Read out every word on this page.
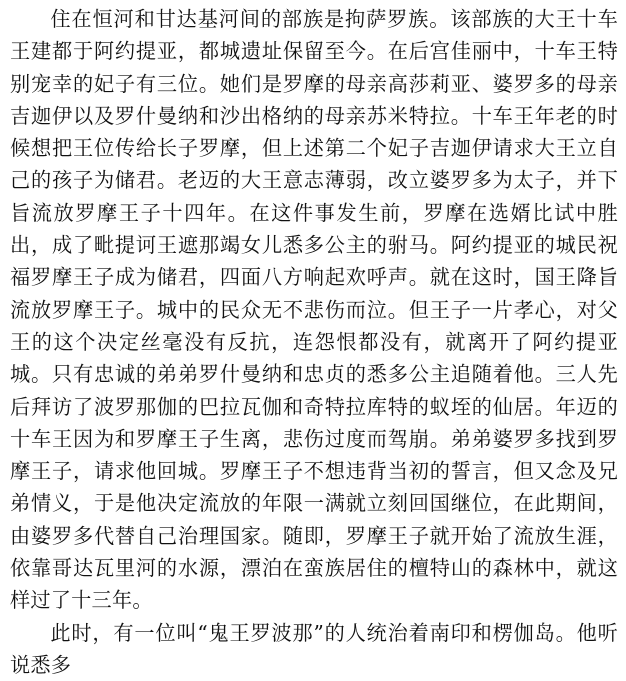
住在恒河和甘达基河间的部族是拘萨罗族。该部族的大王十车王建都于阿约提亚，都城遗址保留至今。在后宫佳丽中，十车王特别宠幸的妃子有三位。她们是罗摩的母亲高莎莉亚、婆罗多的母亲吉迦伊以及罗什曼纳和沙出格纳的母亲苏米特拉。十车王年老的时候想把王位传给长子罗摩，但上述第二个妃子吉迦伊请求大王立自己的孩子为储君。老迈的大王意志薄弱，改立婆罗多为太子，并下旨流放罗摩王子十四年。在这件事发生前，罗摩在选婿比试中胜出，成了毗提诃王遮那竭女儿悉多公主的驸马。阿约提亚的城民祝福罗摩王子成为储君，四面八方响起欢呼声。就在这时，国王降旨流放罗摩王子。城中的民众无不悲伤而泣。但王子一片孝心，对父王的这个决定丝毫没有反抗，连怨恨都没有，就离开了阿约提亚城。只有忠诚的弟弟罗什曼纳和忠贞的悉多公主追随着他。三人先后拜访了波罗那伽的巴拉瓦伽和奇特拉库特的蚁垤的仙居。年迈的十车王因为和罗摩王子生离，悲伤过度而驾崩。弟弟婆罗多找到罗摩王子，请求他回城。罗摩王子不想违背当初的誓言，但又念及兄弟情义，于是他决定流放的年限一满就立刻回国继位，在此期间，由婆罗多代替自己治理国家。随即，罗摩王子就开始了流放生涯，依靠哥达瓦里河的水源，漂泊在蛮族居住的檀特山的森林中，就这样过了十三年。

此时，有一位叫“鬼王罗波那”的人统治着南印和楞伽岛。他听说悉多
